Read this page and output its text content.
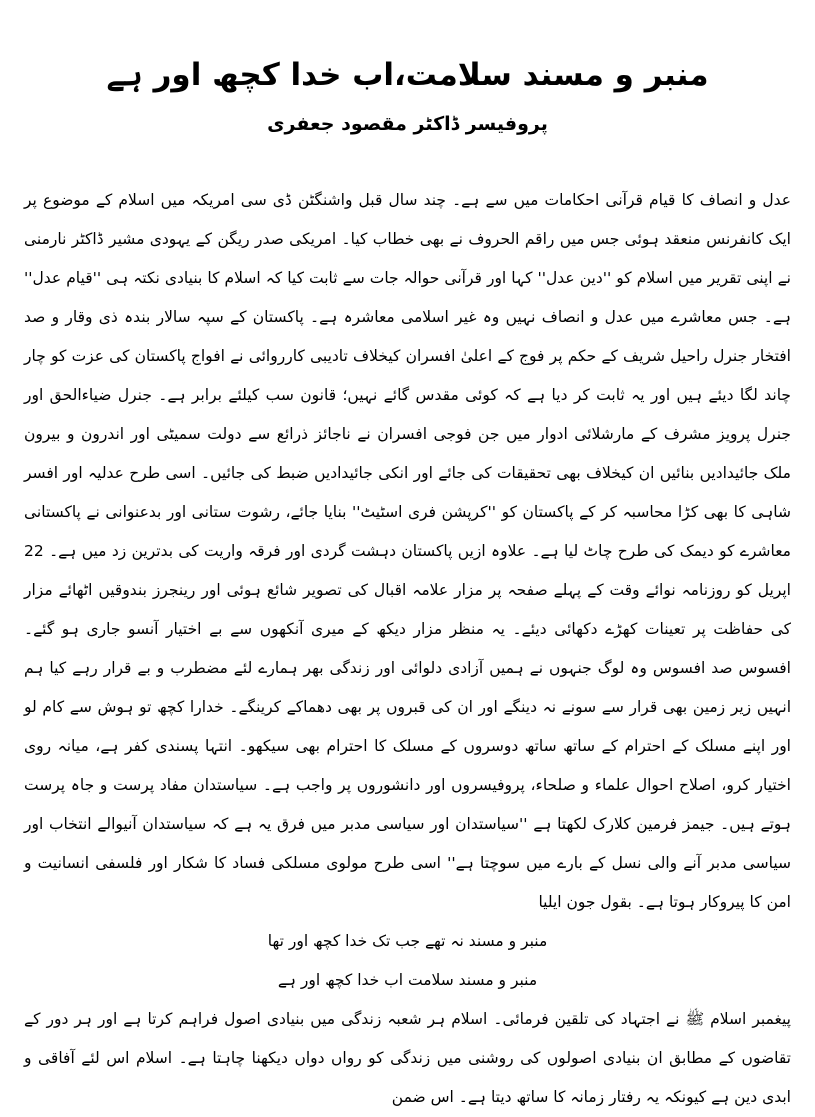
منبر و مسند سلامت،اب خدا کچھ اور ہے
پروفیسر ڈاکٹر مقصود جعفری

عدل و انصاف کا قیام قرآنی احکامات میں سے ہے۔ چند سال قبل واشنگٹن ڈی سی امریکہ میں اسلام کے موضوع پر ایک کانفرنس منعقد ہوئی جس میں راقم الحروف نے بھی خطاب کیا۔ امریکی صدر ریگن کے یہودی مشیر ڈاکٹر نارمنی نے اپنی تقریر میں اسلام کو ''دین عدل'' کہا اور قرآنی حوالہ جات سے ثابت کیا کہ اسلام کا بنیادی نکتہ ہی ''قیام عدل'' ہے۔ جس معاشرے میں عدل و انصاف نہیں وہ غیر اسلامی معاشرہ ہے۔ پاکستان کے سپہ سالار بندہ ذی وقار و صد افتخار جنرل راحیل شریف کے حکم پر فوج کے اعلیٰ افسران کیخلاف تادیبی کارروائی نے افواج پاکستان کی عزت کو چار چاند لگا دیئے ہیں اور یہ ثابت کر دیا ہے کہ کوئی مقدس گائے نہیں؛ قانون سب کیلئے برابر ہے۔ جنرل ضیاءالحق اور جنرل پرویز مشرف کے مارشلائی ادوار میں جن فوجی افسران نے ناجائز ذرائع سے دولت سمیٹی اور اندرون و بیرون ملک جائیدادیں بنائیں ان کیخلاف بھی تحقیقات کی جائے اور انکی جائیدادیں ضبط کی جائیں۔ اسی طرح عدلیہ اور افسر شاہی کا بھی کڑا محاسبہ کر کے پاکستان کو ''کرپشن فری اسٹیٹ'' بنایا جائے، رشوت ستانی اور بدعنوانی نے پاکستانی معاشرے کو دیمک کی طرح چاٹ لیا ہے۔ علاوہ ازیں پاکستان دہشت گردی اور فرقہ واریت کی بدترین زد میں ہے۔ 22 اپریل کو روزنامہ نوائے وقت کے پہلے صفحہ پر مزار علامہ اقبال کی تصویر شائع ہوئی اور رینجرز بندوقیں اٹھائے مزار کی حفاظت پر تعینات کھڑے دکھائی دیئے۔ یہ منظر مزار دیکھ کے میری آنکھوں سے بے اختیار آنسو جاری ہو گئے۔ افسوس صد افسوس وہ لوگ جنہوں نے ہمیں آزادی دلوائی اور زندگی بھر ہمارے لئے مضطرب و بے قرار رہے کیا ہم انہیں زیر زمین بھی قرار سے سونے نہ دینگے اور ان کی قبروں پر بھی دھماکے کرینگے۔ خدارا کچھ تو ہوش سے کام لو اور اپنے مسلک کے احترام کے ساتھ ساتھ دوسروں کے مسلک کا احترام بھی سیکھو۔ انتہا پسندی کفر ہے، میانہ روی اختیار کرو، اصلاح احوال علماء و صلحاء، پروفیسروں اور دانشوروں پر واجب ہے۔ سیاستدان مفاد پرست و جاہ پرست ہوتے ہیں۔ جیمز فرمین کلارک لکھتا ہے ''سیاستدان اور سیاسی مدبر میں فرق یہ ہے کہ سیاستدان آنیوالے انتخاب اور سیاسی مدبر آنے والی نسل کے بارے میں سوچتا ہے'' اسی طرح مولوی مسلکی فساد کا شکار اور فلسفی انسانیت و امن کا پیروکار ہوتا ہے۔ بقول جون ایلیا

منبر و مسند نہ تھے جب تک خدا کچھ اور تھا

منبر و مسند سلامت اب خدا کچھ اور ہے

پیغمبر اسلام ﷺ نے اجتہاد کی تلقین فرمائی۔ اسلام ہر شعبہ زندگی میں بنیادی اصول فراہم کرتا ہے اور ہر دور کے تقاضوں کے مطابق ان بنیادی اصولوں کی روشنی میں زندگی کو رواں دواں دیکھنا چاہتا ہے۔ اسلام اس لئے آفاقی و ابدی دین ہے کیونکہ یہ رفتار زمانہ کا ساتھ دیتا ہے۔ اس ضمن
